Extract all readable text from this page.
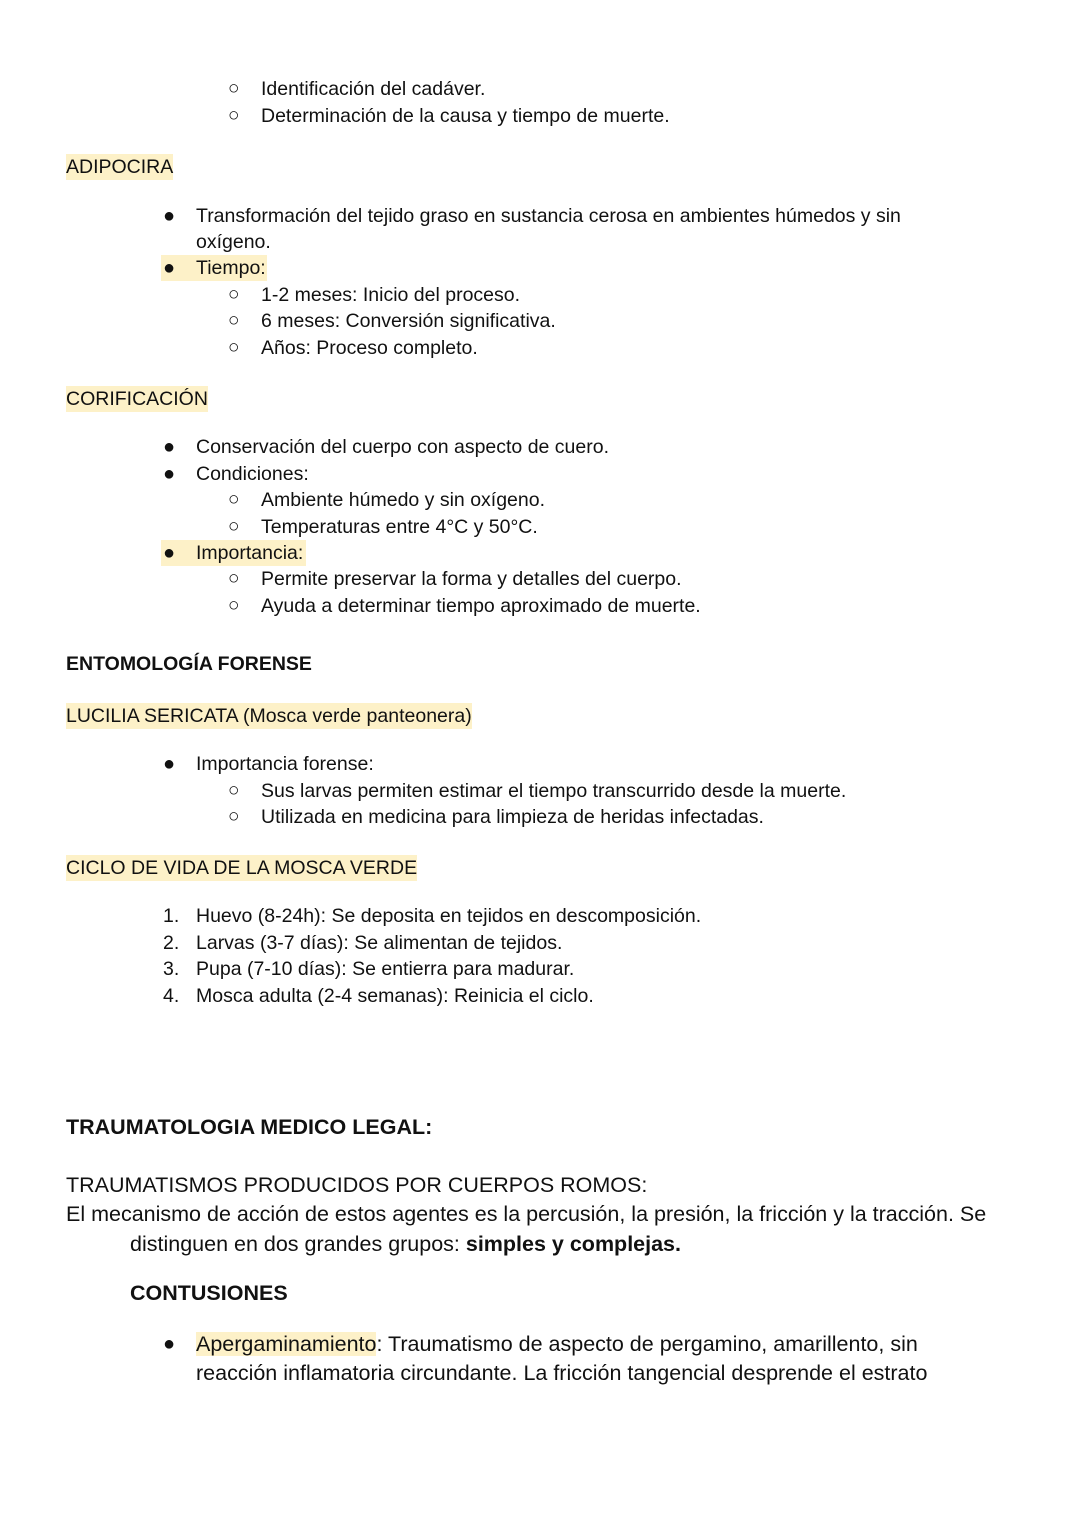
○ Identificación del cadáver.
○ Determinación de la causa y tiempo de muerte.
ADIPOCIRA
● Transformación del tejido graso en sustancia cerosa en ambientes húmedos y sin
oxígeno.
● Tiempo:
○ 1-2 meses: Inicio del proceso.
○ 6 meses: Conversión significativa.
○ Años: Proceso completo.
CORIFICACIÓN
● Conservación del cuerpo con aspecto de cuero.
● Condiciones:
○ Ambiente húmedo y sin oxígeno.
○ Temperaturas entre 4°C y 50°C.
● Importancia:
○ Permite preservar la forma y detalles del cuerpo.
○ Ayuda a determinar tiempo aproximado de muerte.
ENTOMOLOGÍA FORENSE
LUCILIA SERICATA (Mosca verde panteonera)
● Importancia forense:
○ Sus larvas permiten estimar el tiempo transcurrido desde la muerte.
○ Utilizada en medicina para limpieza de heridas infectadas.
CICLO DE VIDA DE LA MOSCA VERDE
1. Huevo (8-24h): Se deposita en tejidos en descomposición.
2. Larvas (3-7 días): Se alimentan de tejidos.
3. Pupa (7-10 días): Se entierra para madurar.
4. Mosca adulta (2-4 semanas): Reinicia el ciclo.
TRAUMATOLOGIA MEDICO LEGAL:
TRAUMATISMOS PRODUCIDOS POR CUERPOS ROMOS:
El mecanismo de acción de estos agentes es la percusión, la presión, la fricción y la tracción. Se
distinguen en dos grandes grupos: simples y complejas.
CONTUSIONES
● Apergaminamiento: Traumatismo de aspecto de pergamino, amarillento, sin
reacción inflamatoria circundante. La fricción tangencial desprende el estrato
